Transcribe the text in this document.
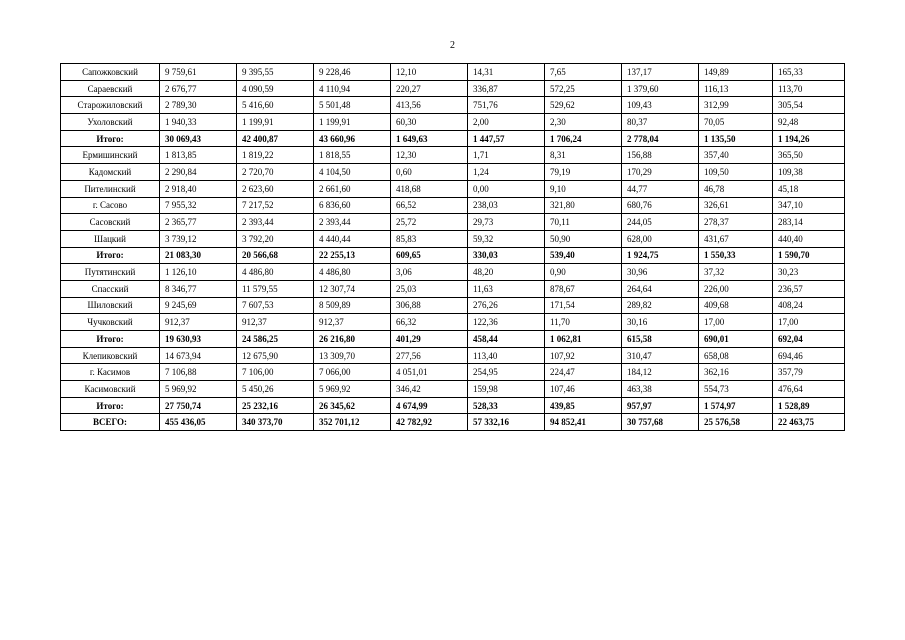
2
Сапожковский	9 759,61	9 395,55	9 228,46	12,10	14,31	7,65	137,17	149,89	165,33
Сараевский	2 676,77	4 090,59	4 110,94	220,27	336,87	572,25	1 379,60	116,13	113,70
Старожиловский	2 789,30	5 416,60	5 501,48	413,56	751,76	529,62	109,43	312,99	305,54
Ухоловский	1 940,33	1 199,91	1 199,91	60,30	2,00	2,30	80,37	70,05	92,48
Итого:	30 069,43	42 400,87	43 660,96	1 649,63	1 447,57	1 706,24	2 778,04	1 135,50	1 194,26
Ермишинский	1 813,85	1 819,22	1 818,55	12,30	1,71	8,31	156,88	357,40	365,50
Кадомский	2 290,84	2 720,70	4 104,50	0,60	1,24	79,19	170,29	109,50	109,38
Пителинский	2 918,40	2 623,60	2 661,60	418,68	0,00	9,10	44,77	46,78	45,18
г. Сасово	7 955,32	7 217,52	6 836,60	66,52	238,03	321,80	680,76	326,61	347,10
Сасовский	2 365,77	2 393,44	2 393,44	25,72	29,73	70,11	244,05	278,37	283,14
Шацкий	3 739,12	3 792,20	4 440,44	85,83	59,32	50,90	628,00	431,67	440,40
Итого:	21 083,30	20 566,68	22 255,13	609,65	330,03	539,40	1 924,75	1 550,33	1 590,70
Путятинский	1 126,10	4 486,80	4 486,80	3,06	48,20	0,90	30,96	37,32	30,23
Спасский	8 346,77	11 579,55	12 307,74	25,03	11,63	878,67	264,64	226,00	236,57
Шиловский	9 245,69	7 607,53	8 509,89	306,88	276,26	171,54	289,82	409,68	408,24
Чучковский	912,37	912,37	912,37	66,32	122,36	11,70	30,16	17,00	17,00
Итого:	19 630,93	24 586,25	26 216,80	401,29	458,44	1 062,81	615,58	690,01	692,04
Клепиковский	14 673,94	12 675,90	13 309,70	277,56	113,40	107,92	310,47	658,08	694,46
г. Касимов	7 106,88	7 106,00	7 066,00	4 051,01	254,95	224,47	184,12	362,16	357,79
Касимовский	5 969,92	5 450,26	5 969,92	346,42	159,98	107,46	463,38	554,73	476,64
Итого:	27 750,74	25 232,16	26 345,62	4 674,99	528,33	439,85	957,97	1 574,97	1 528,89
ВСЕГО:	455 436,05	340 373,70	352 701,12	42 782,92	57 332,16	94 852,41	30 757,68	25 576,58	22 463,75
